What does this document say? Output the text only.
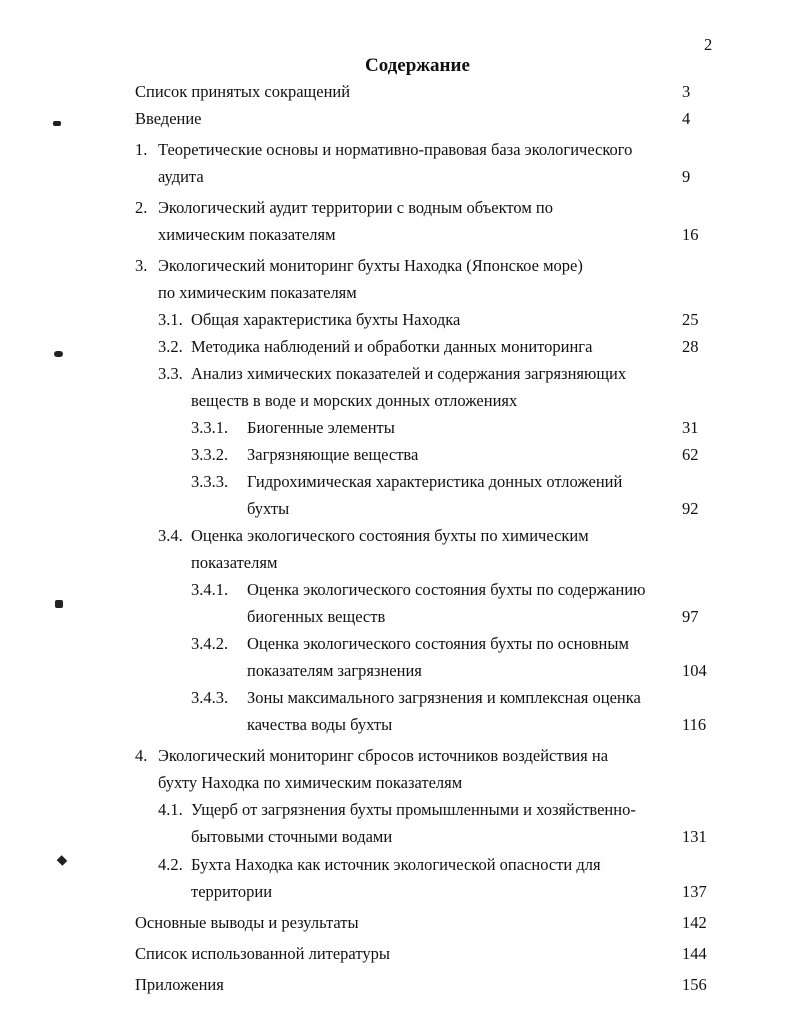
2
Содержание
Список принятых сокращений	3
Введение	4
1. Теоретические основы и нормативно-правовая база экологического
аудита	9
2. Экологический аудит территории с водным объектом по
химическим показателям	16
3. Экологический мониторинг бухты Находка (Японское море)
по химическим показателям
3.1. Общая характеристика бухты Находка	25
3.2. Методика наблюдений и обработки данных мониторинга	28
3.3. Анализ химических показателей и содержания загрязняющих
веществ в воде и морских донных отложениях
3.3.1. Биогенные элементы	31
3.3.2. Загрязняющие вещества	62
3.3.3. Гидрохимическая характеристика донных отложений
бухты	92
3.4. Оценка экологического состояния бухты по химическим
показателям
3.4.1. Оценка экологического состояния бухты по содержанию
биогенных веществ	97
3.4.2. Оценка экологического состояния бухты по основным
показателям загрязнения	104
3.4.3. Зоны максимального загрязнения и комплексная оценка
качества воды бухты	116
4. Экологический мониторинг сбросов источников воздействия на
бухту Находка по химическим показателям
4.1. Ущерб от загрязнения бухты промышленными и хозяйственно-
бытовыми сточными водами	131
4.2. Бухта Находка как источник экологической опасности для
территории	137
Основные выводы и результаты	142
Список использованной литературы	144
Приложения	156
